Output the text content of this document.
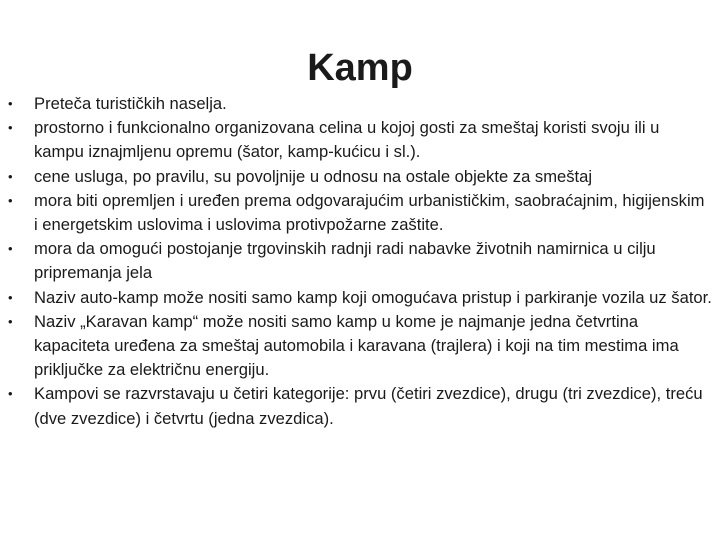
Kamp
•	Preteča turističkih naselja.
•	prostorno i funkcionalno organizovana celina u kojoj gosti za smeštaj koristi svoju ili u kampu iznajmljenu opremu (šator, kamp-kućicu i sl.).
•	cene usluga, po pravilu, su povoljnije u odnosu na ostale objekte za smeštaj
•	mora biti opremljen i uređen prema odgovarajućim urbanističkim, saobraćajnim, higijenskim i energetskim uslovima i uslovima protivpožarne zaštite.
•	mora da omogući postojanje trgovinskih radnji radi nabavke životnih namirnica u cilju pripremanja jela
•	Naziv auto-kamp može nositi samo kamp koji omogućava pristup i parkiranje vozila uz šator.
•	Naziv „Karavan kamp“ može nositi samo kamp u kome je najmanje jedna četvrtina kapaciteta uređena za smeštaj automobila i karavana (trajlera) i koji na tim mestima ima priključke za električnu energiju.
•	Kampovi se razvrstavaju u četiri kategorije: prvu (četiri zvezdice), drugu (tri zvezdice), treću (dve zvezdice) i četvrtu (jedna zvezdica).
